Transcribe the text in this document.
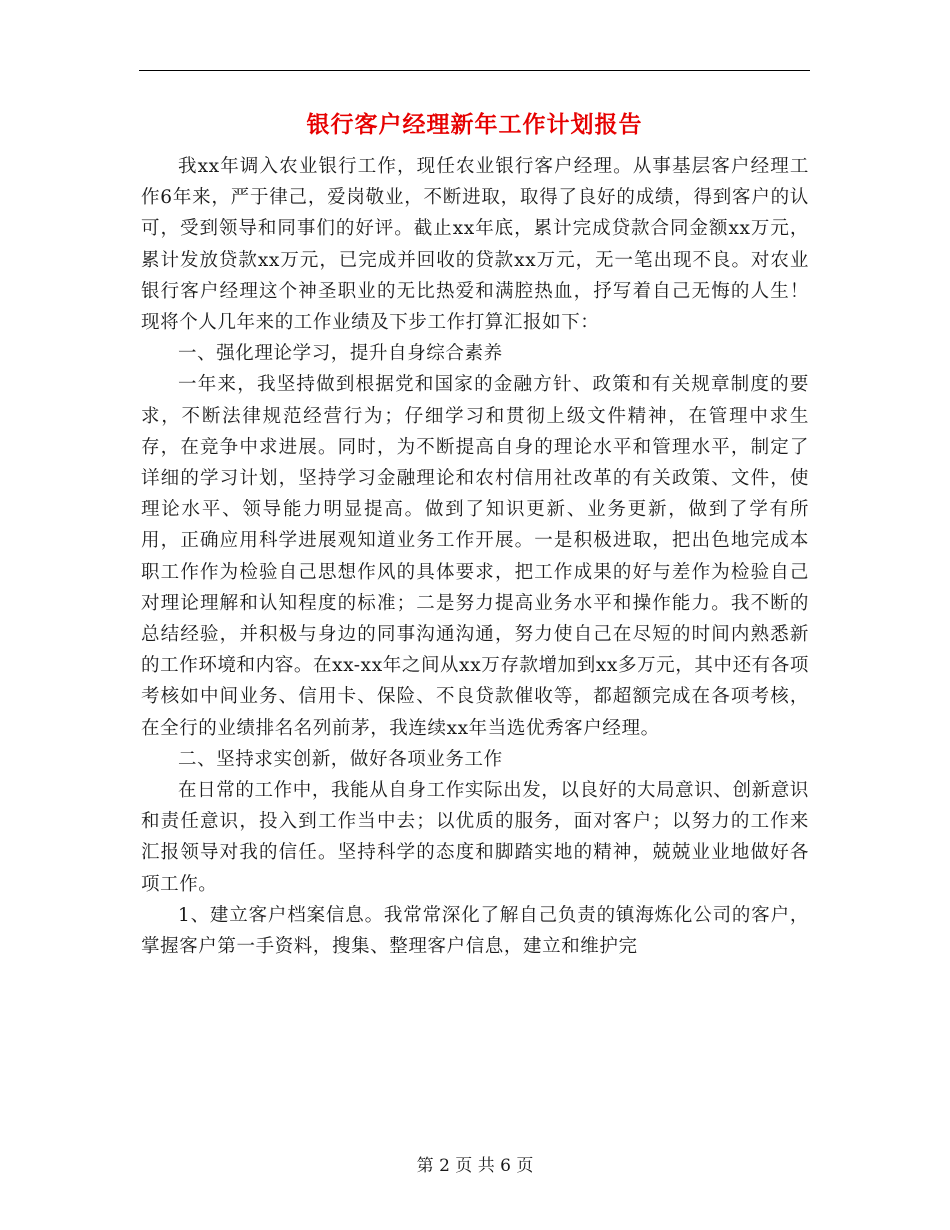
银行客户经理新年工作计划报告

我xx年调入农业银行工作，现任农业银行客户经理。从事基层客户经理工作6年来，严于律己，爱岗敬业，不断进取，取得了良好的成绩，得到客户的认可，受到领导和同事们的好评。截止xx年底，累计完成贷款合同金额xx万元，累计发放贷款xx万元，已完成并回收的贷款xx万元，无一笔出现不良。对农业银行客户经理这个神圣职业的无比热爱和满腔热血，抒写着自己无悔的人生！现将个人几年来的工作业绩及下步工作打算汇报如下：

一、强化理论学习，提升自身综合素养

一年来，我坚持做到根据党和国家的金融方针、政策和有关规章制度的要求，不断法律规范经营行为；仔细学习和贯彻上级文件精神，在管理中求生存，在竞争中求进展。同时，为不断提高自身的理论水平和管理水平，制定了详细的学习计划，坚持学习金融理论和农村信用社改革的有关政策、文件，使理论水平、领导能力明显提高。做到了知识更新、业务更新，做到了学有所用，正确应用科学进展观知道业务工作开展。一是积极进取，把出色地完成本职工作作为检验自己思想作风的具体要求，把工作成果的好与差作为检验自己对理论理解和认知程度的标准；二是努力提高业务水平和操作能力。我不断的总结经验，并积极与身边的同事沟通沟通，努力使自己在尽短的时间内熟悉新的工作环境和内容。在xx-xx年之间从xx万存款增加到xx多万元，其中还有各项考核如中间业务、信用卡、保险、不良贷款催收等，都超额完成在各项考核，在全行的业绩排名名列前茅，我连续xx年当选优秀客户经理。

二、坚持求实创新，做好各项业务工作

在日常的工作中，我能从自身工作实际出发，以良好的大局意识、创新意识和责任意识，投入到工作当中去；以优质的服务，面对客户；以努力的工作来汇报领导对我的信任。坚持科学的态度和脚踏实地的精神，兢兢业业地做好各项工作。

1、建立客户档案信息。我常常深化了解自己负责的镇海炼化公司的客户，掌握客户第一手资料，搜集、整理客户信息，建立和维护完

第 2 页 共 6 页
